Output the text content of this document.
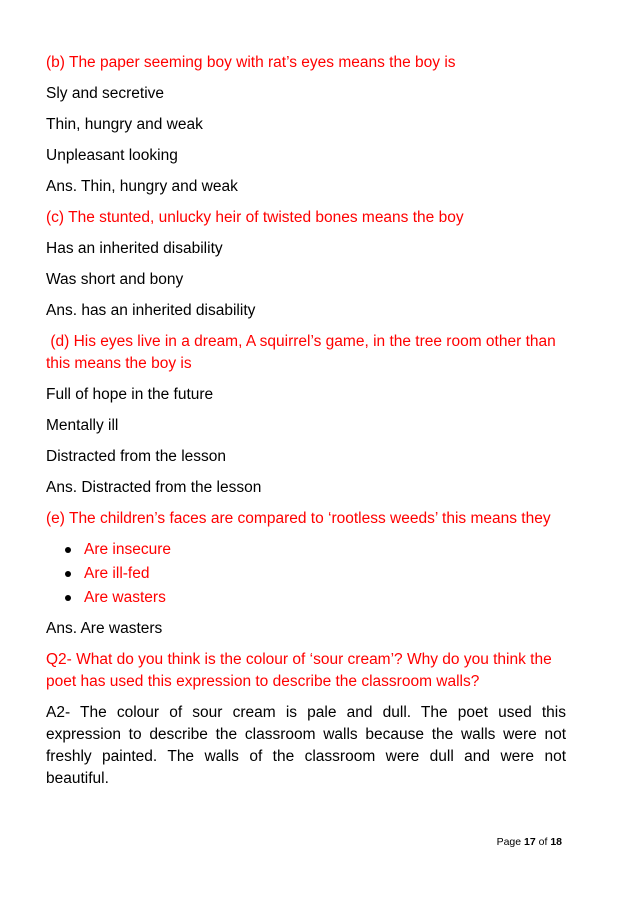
(b) The paper seeming boy with rat’s eyes means the boy is

Sly and secretive

Thin, hungry and weak

Unpleasant looking

Ans. Thin, hungry and weak

(c) The stunted, unlucky heir of twisted bones means the boy

Has an inherited disability

Was short and bony

Ans. has an inherited disability

(d) His eyes live in a dream, A squirrel’s game, in the tree room other than this means the boy is

Full of hope in the future

Mentally ill

Distracted from the lesson

Ans. Distracted from the lesson

(e) The children’s faces are compared to ‘rootless weeds’ this means they

Are insecure
Are ill-fed
Are wasters

Ans. Are wasters

Q2- What do you think is the colour of ‘sour cream’? Why do you think the poet has used this expression to describe the classroom walls?

A2- The colour of sour cream is pale and dull. The poet used this expression to describe the classroom walls because the walls were not freshly painted. The walls of the classroom were dull and were not beautiful.

Page 17 of 18
